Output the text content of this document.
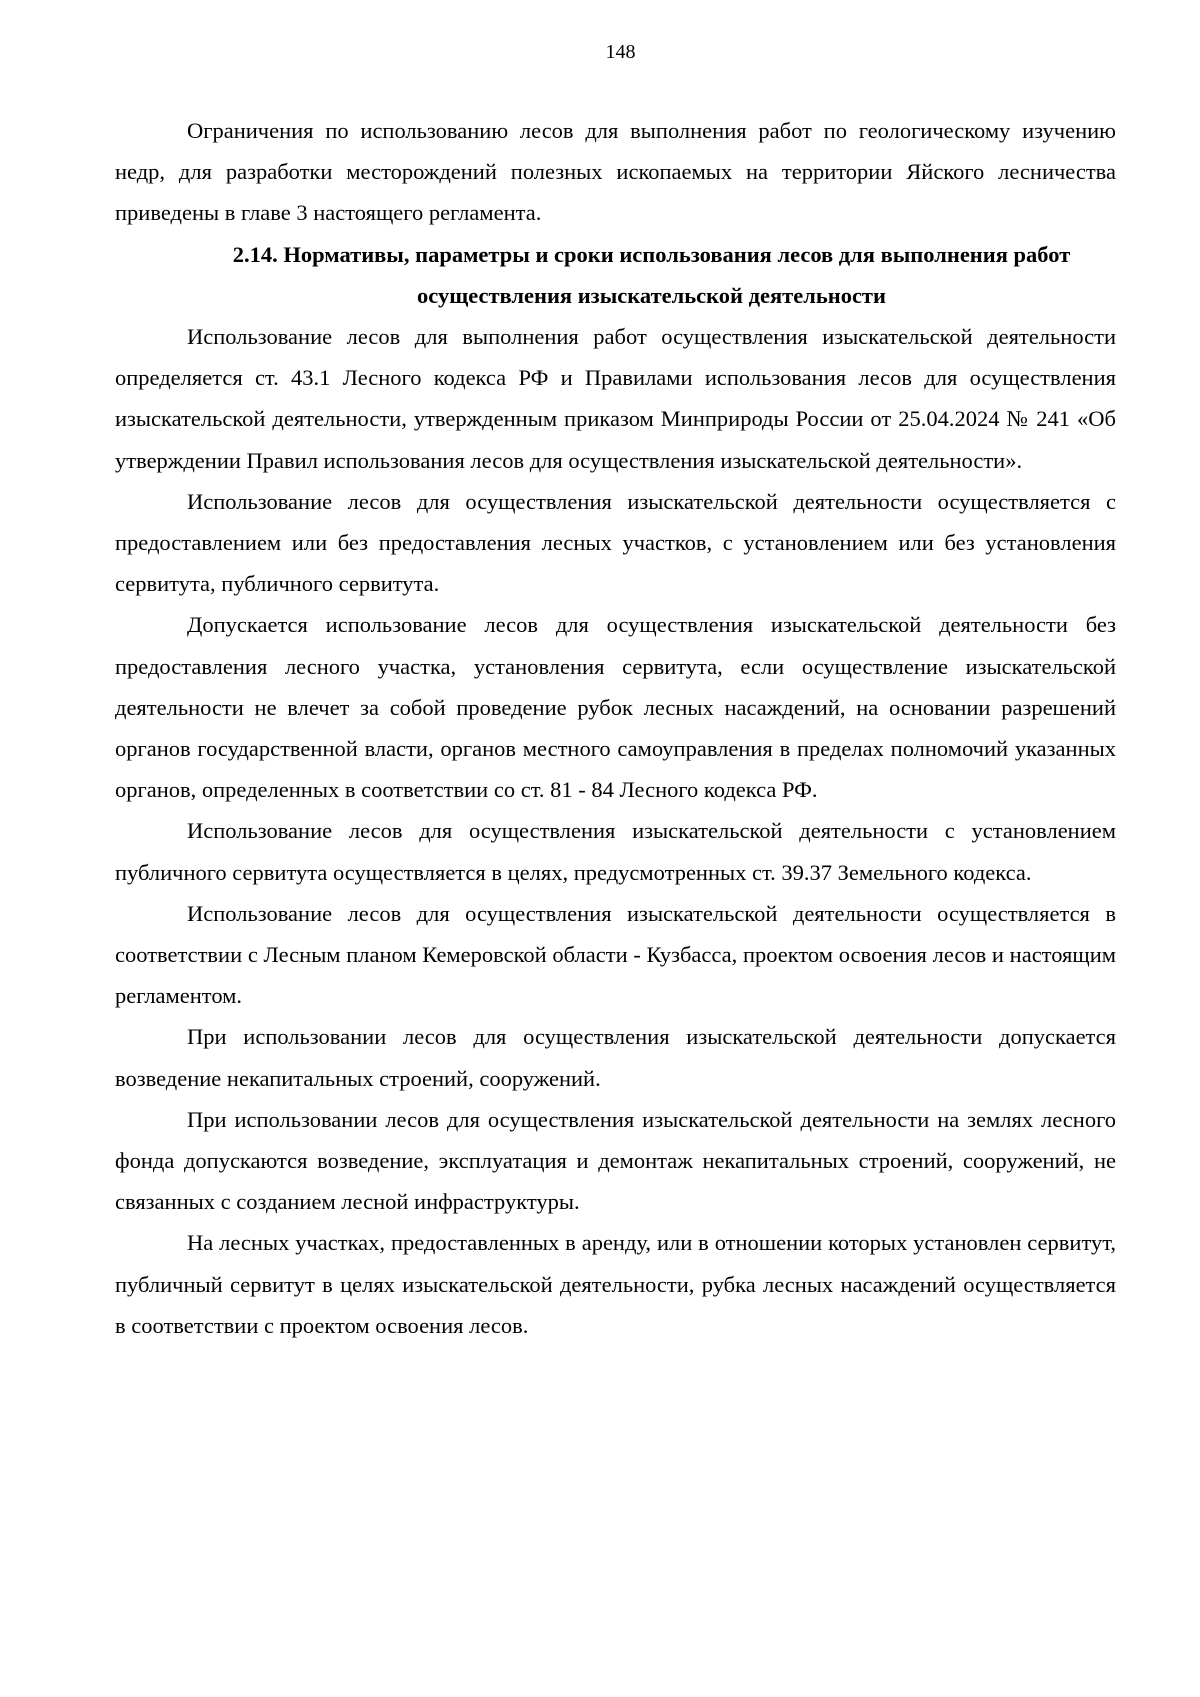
148

Ограничения по использованию лесов для выполнения работ по геологическому изучению недр, для разработки месторождений полезных ископаемых на территории Яйского лесничества приведены в главе 3 настоящего регламента.

2.14. Нормативы, параметры и сроки использования лесов для выполнения работ
осуществления изыскательской деятельности

Использование лесов для выполнения работ осуществления изыскательской деятельности определяется ст. 43.1 Лесного кодекса РФ и Правилами использования лесов для осуществления изыскательской деятельности, утвержденным приказом Минприроды России от 25.04.2024 № 241 «Об утверждении Правил использования лесов для осуществления изыскательской деятельности».

Использование лесов для осуществления изыскательской деятельности осуществляется с предоставлением или без предоставления лесных участков, с установлением или без установления сервитута, публичного сервитута.

Допускается использование лесов для осуществления изыскательской деятельности без предоставления лесного участка, установления сервитута, если осуществление изыскательской деятельности не влечет за собой проведение рубок лесных насаждений, на основании разрешений органов государственной власти, органов местного самоуправления в пределах полномочий указанных органов, определенных в соответствии со ст. 81 - 84 Лесного кодекса РФ.

Использование лесов для осуществления изыскательской деятельности с установлением публичного сервитута осуществляется в целях, предусмотренных ст. 39.37 Земельного кодекса.

Использование лесов для осуществления изыскательской деятельности осуществляется в соответствии с Лесным планом Кемеровской области - Кузбасса, проектом освоения лесов и настоящим регламентом.

При использовании лесов для осуществления изыскательской деятельности допускается возведение некапитальных строений, сооружений.

При использовании лесов для осуществления изыскательской деятельности на землях лесного фонда допускаются возведение, эксплуатация и демонтаж некапитальных строений, сооружений, не связанных с созданием лесной инфраструктуры.

На лесных участках, предоставленных в аренду, или в отношении которых установлен сервитут, публичный сервитут в целях изыскательской деятельности, рубка лесных насаждений осуществляется в соответствии с проектом освоения лесов.
